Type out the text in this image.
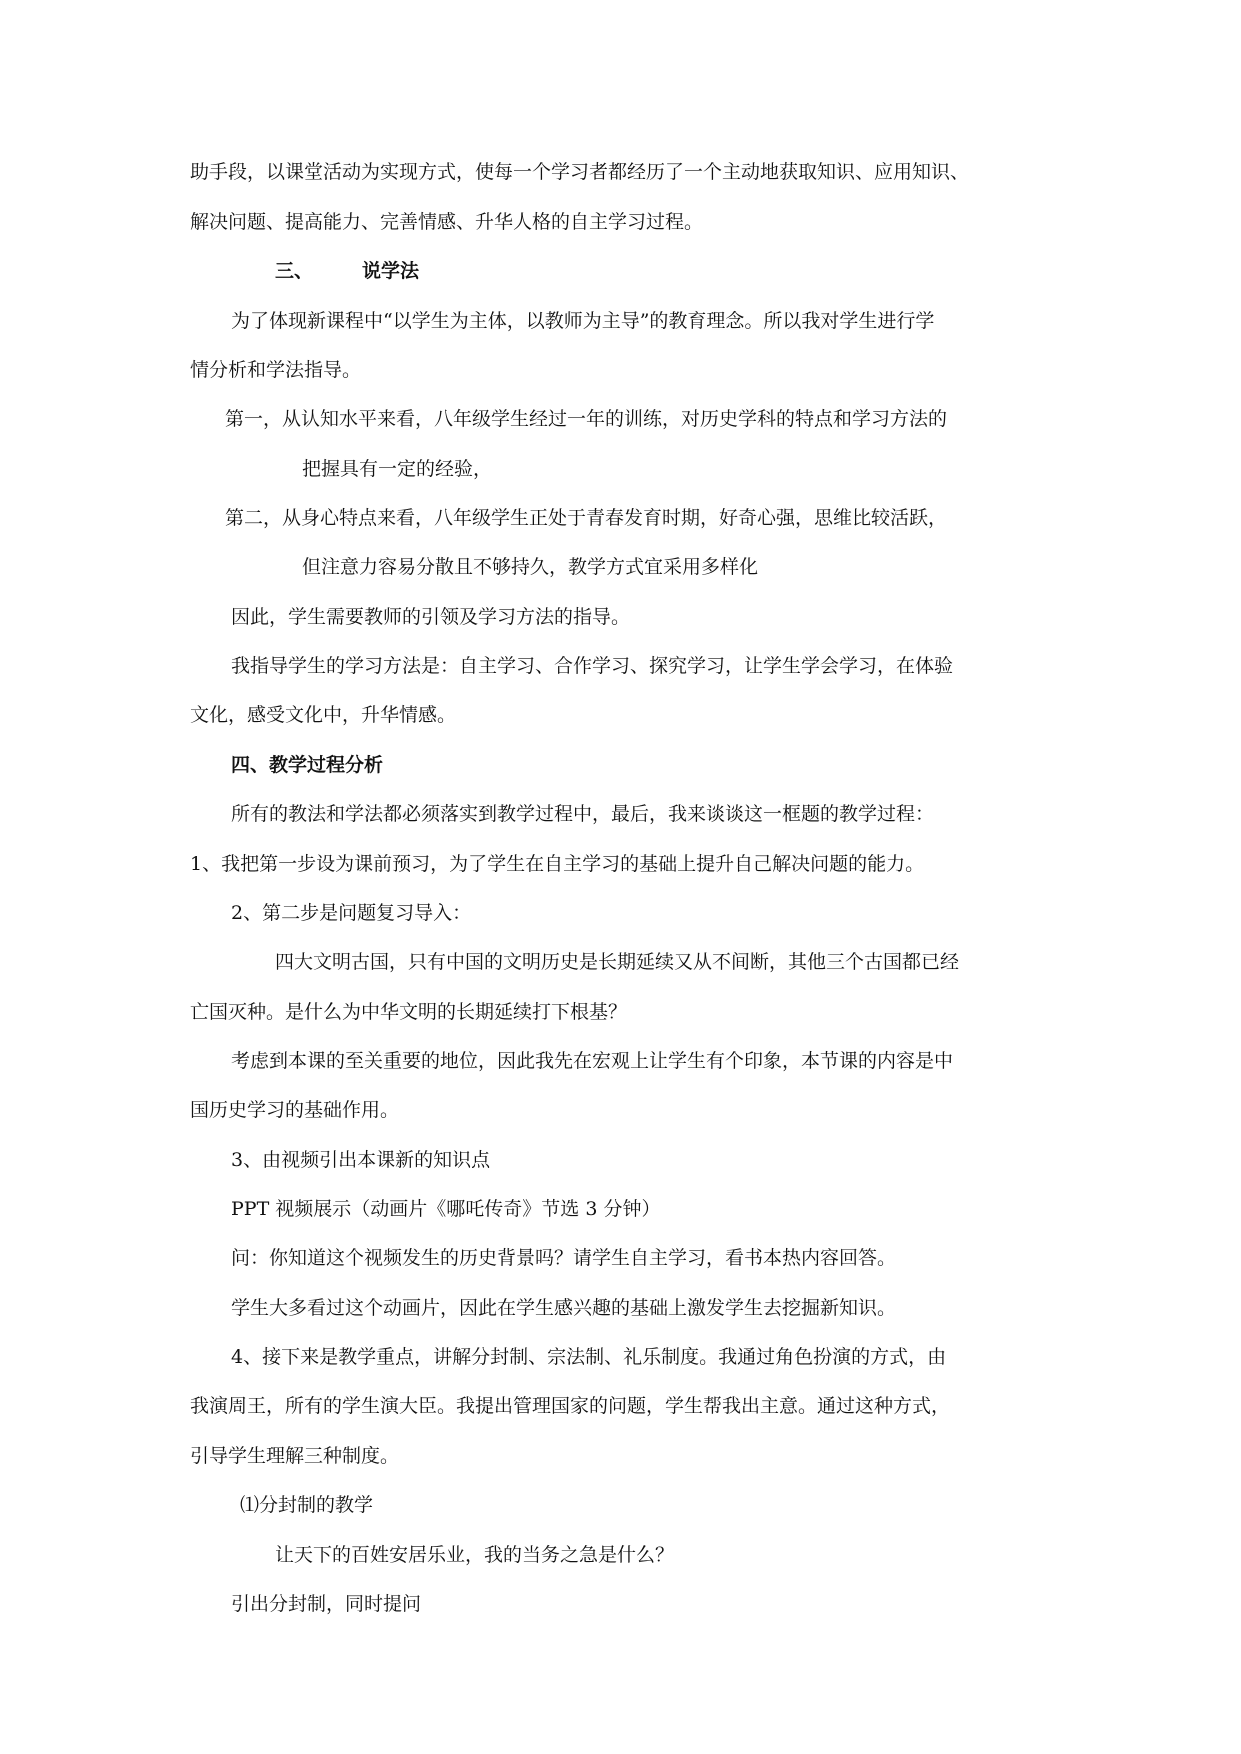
助手段，以课堂活动为实现方式，使每一个学习者都经历了一个主动地获取知识、应用知识、
解决问题、提高能力、完善情感、升华人格的自主学习过程。
三、	说学法
为了体现新课程中“以学生为主体，以教师为主导”的教育理念。所以我对学生进行学
情分析和学法指导。
第一，从认知水平来看，八年级学生经过一年的训练，对历史学科的特点和学习方法的
把握具有一定的经验，
第二，从身心特点来看，八年级学生正处于青春发育时期，好奇心强，思维比较活跃，
但注意力容易分散且不够持久，教学方式宜采用多样化
因此，学生需要教师的引领及学习方法的指导。
我指导学生的学习方法是：自主学习、合作学习、探究学习，让学生学会学习，在体验
文化，感受文化中，升华情感。
四、教学过程分析
所有的教法和学法都必须落实到教学过程中，最后，我来谈谈这一框题的教学过程：
1、我把第一步设为课前预习，为了学生在自主学习的基础上提升自己解决问题的能力。
2、第二步是问题复习导入：
四大文明古国，只有中国的文明历史是长期延续又从不间断，其他三个古国都已经
亡国灭种。是什么为中华文明的长期延续打下根基？
考虑到本课的至关重要的地位，因此我先在宏观上让学生有个印象，本节课的内容是中
国历史学习的基础作用。
3、由视频引出本课新的知识点
PPT 视频展示（动画片《哪吒传奇》节选 3 分钟）
问：你知道这个视频发生的历史背景吗？请学生自主学习，看书本热内容回答。
学生大多看过这个动画片，因此在学生感兴趣的基础上激发学生去挖掘新知识。
4、接下来是教学重点，讲解分封制、宗法制、礼乐制度。我通过角色扮演的方式，由
我演周王，所有的学生演大臣。我提出管理国家的问题，学生帮我出主意。通过这种方式，
引导学生理解三种制度。
⑴分封制的教学
让天下的百姓安居乐业，我的当务之急是什么？
引出分封制，同时提问
